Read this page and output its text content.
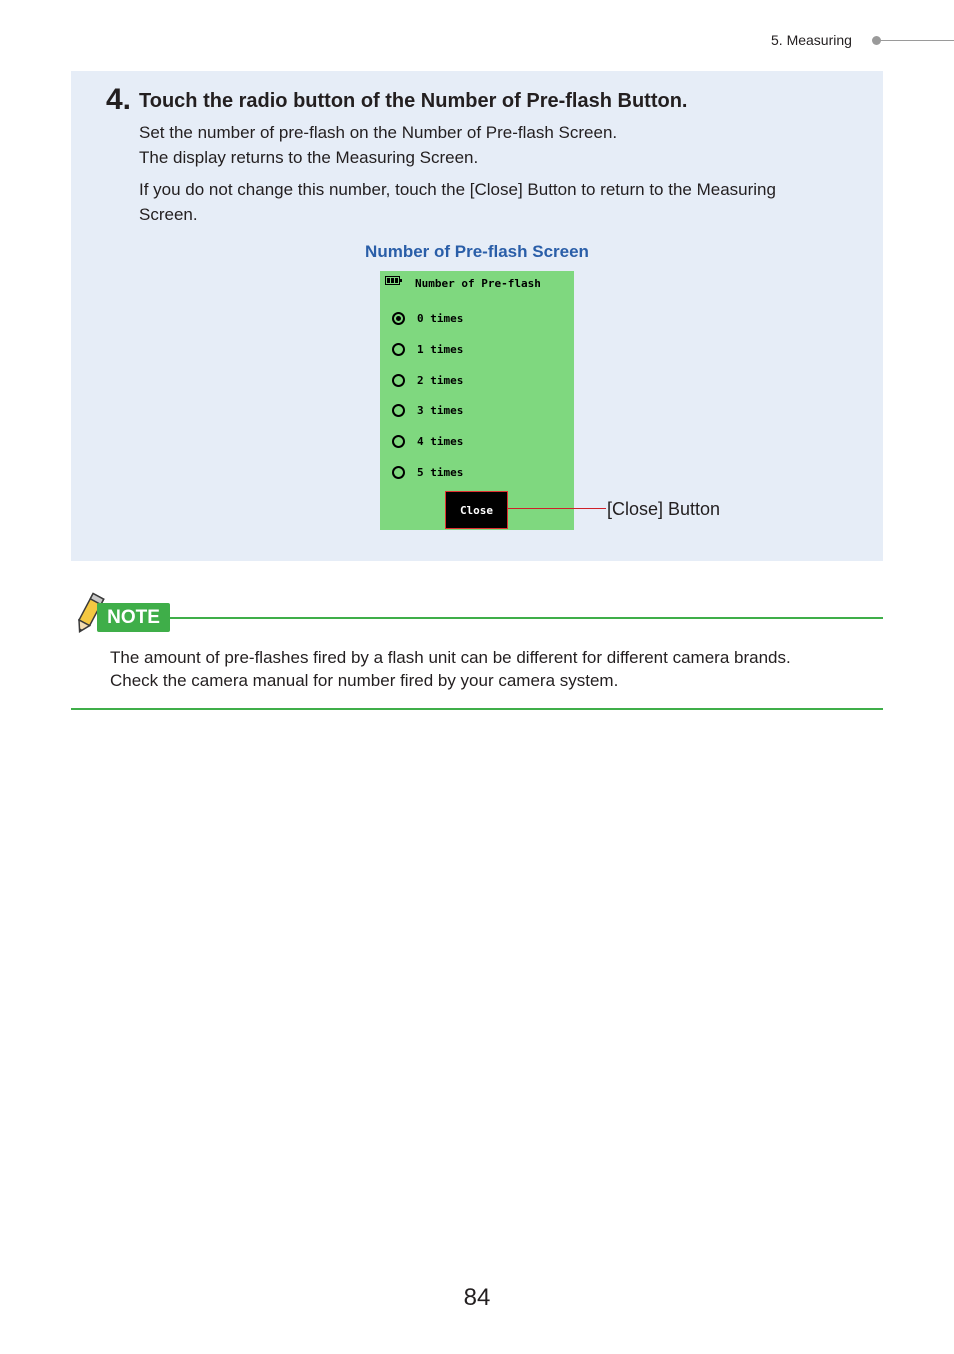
5. Measuring
4. Touch the radio button of the Number of Pre-flash Button.
Set the number of pre-flash on the Number of Pre-flash Screen.
The display returns to the Measuring Screen.
If you do not change this number, touch the [Close] Button to return to the Measuring Screen.
Number of Pre-flash Screen
Number of Pre-flash
0 times
1 times
2 times
3 times
4 times
5 times
Close	[Close] Button
NOTE
The amount of pre-flashes fired by a flash unit can be different for different camera brands.
Check the camera manual for number fired by your camera system.
84
